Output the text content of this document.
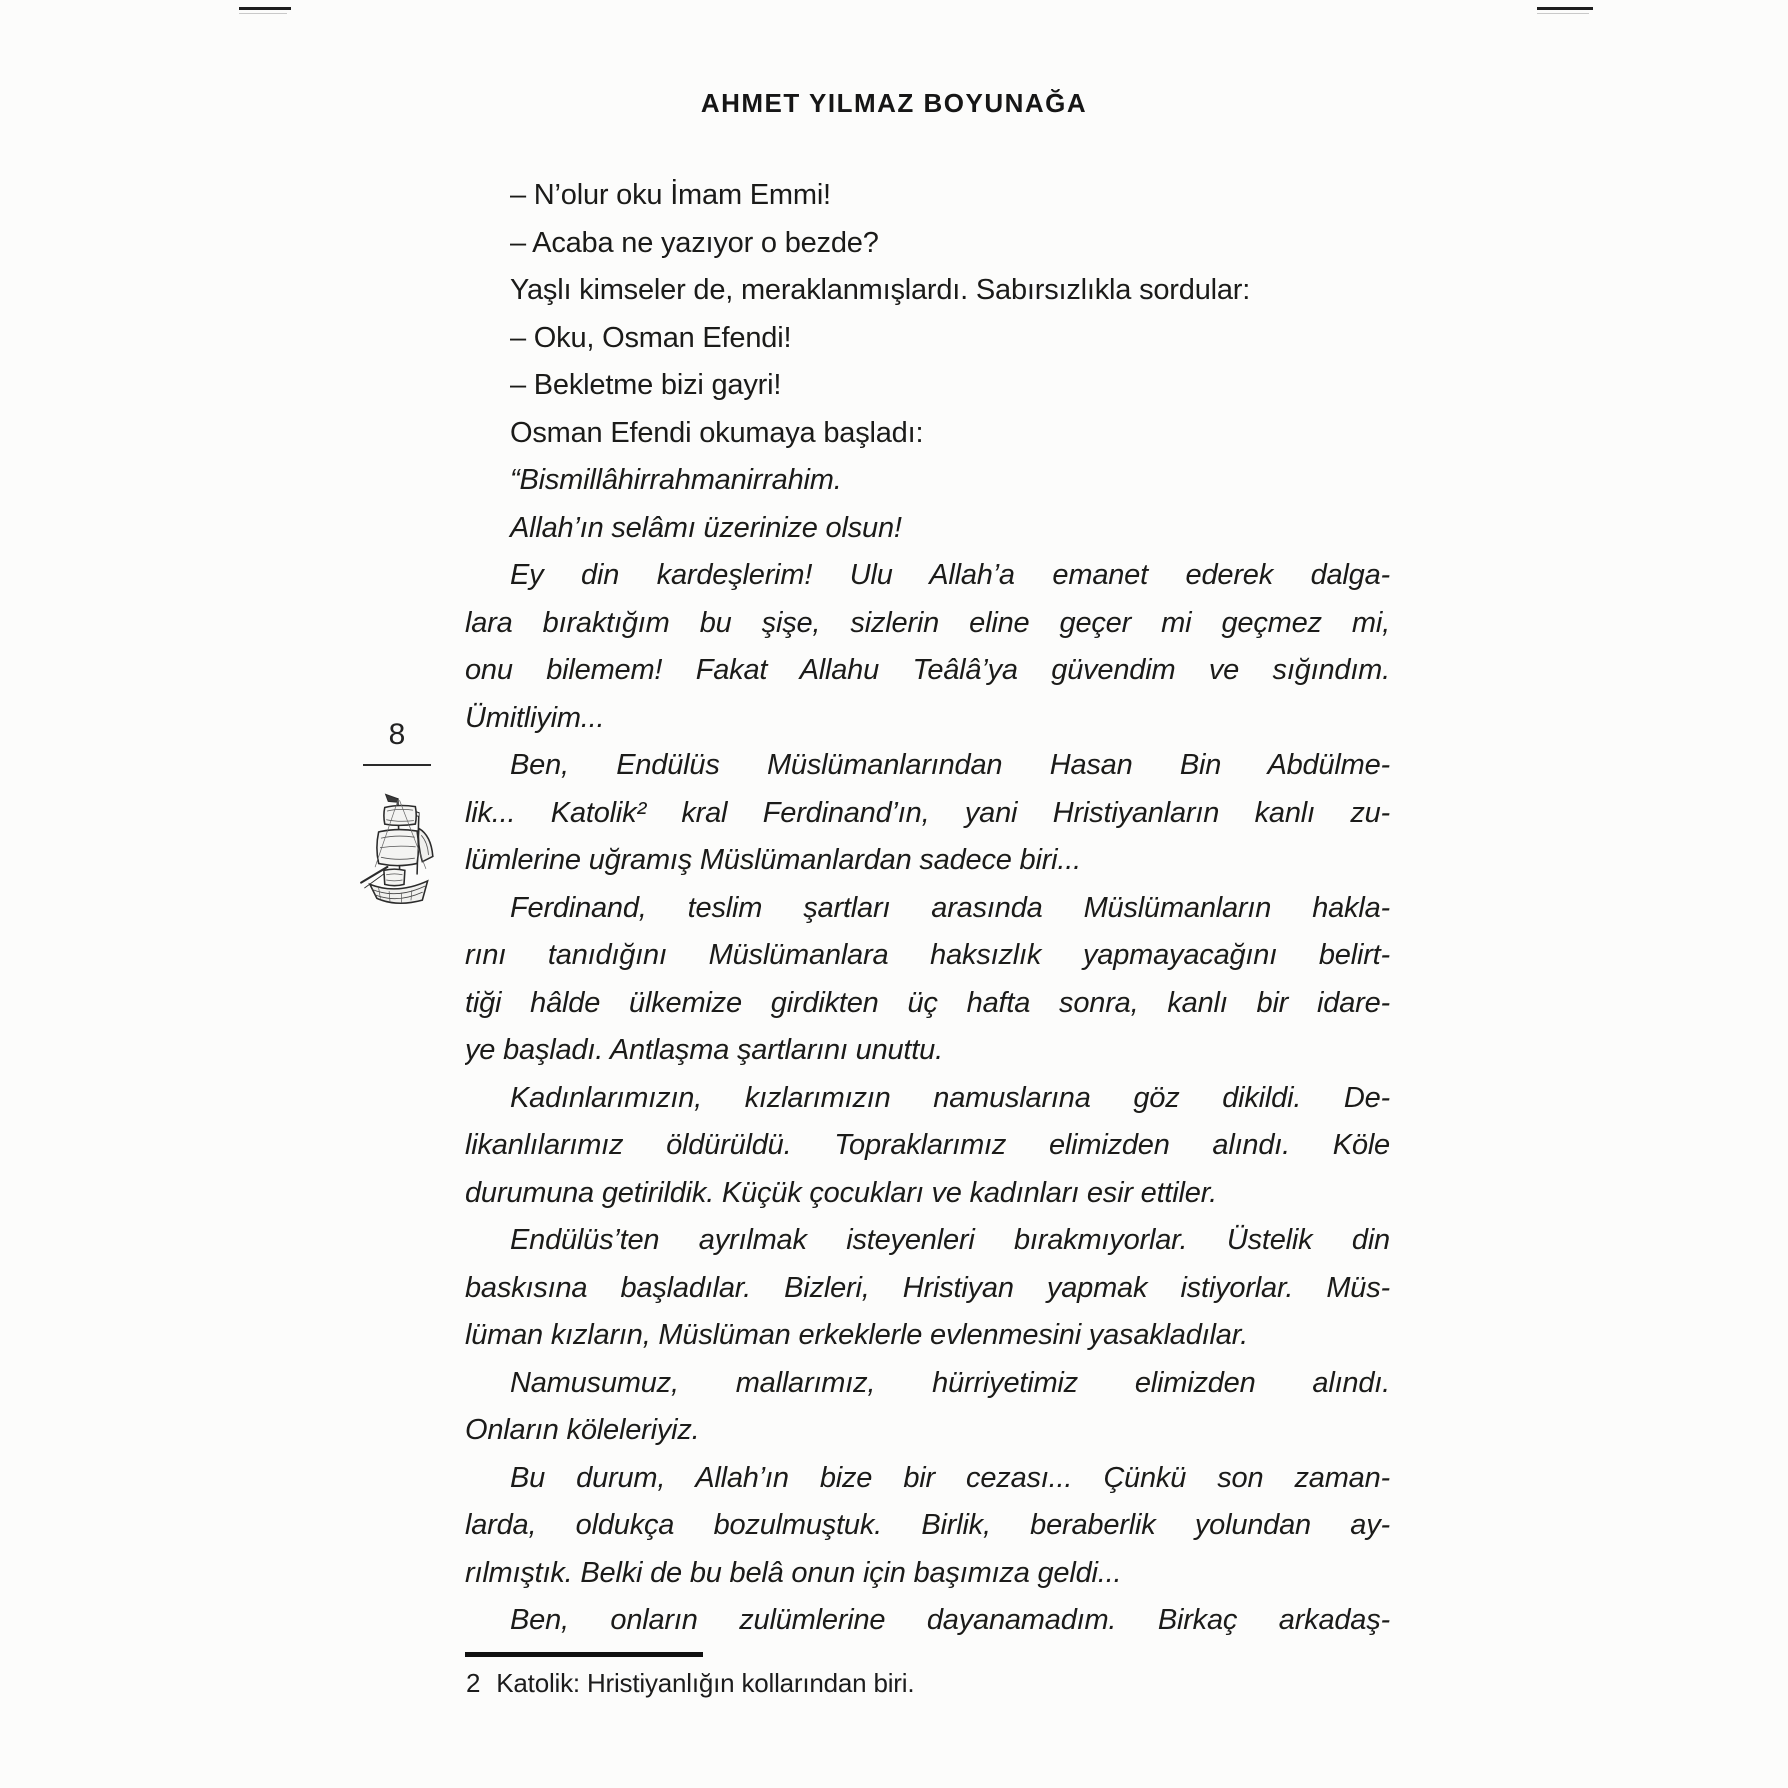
AHMET YILMAZ BOYUNAĞA
8
– N’olur oku İmam Emmi!
– Acaba ne yazıyor o bezde?
Yaşlı kimseler de, meraklanmışlardı. Sabırsızlıkla sordular:
– Oku, Osman Efendi!
– Bekletme bizi gayri!
Osman Efendi okumaya başladı:
“Bismillâhirrahmanirrahim.
Allah’ın selâmı üzerinize olsun!
Ey din kardeşlerim! Ulu Allah’a emanet ederek dalga-
lara bıraktığım bu şişe, sizlerin eline geçer mi geçmez mi,
onu bilemem! Fakat Allahu Teâlâ’ya güvendim ve sığındım.
Ümitliyim...
Ben, Endülüs Müslümanlarından Hasan Bin Abdülme-
lik... Katolik² kral Ferdinand’ın, yani Hristiyanların kanlı zu-
lümlerine uğramış Müslümanlardan sadece biri...
Ferdinand, teslim şartları arasında Müslümanların hakla-
rını tanıdığını Müslümanlara haksızlık yapmayacağını belirt-
tiği hâlde ülkemize girdikten üç hafta sonra, kanlı bir idare-
ye başladı. Antlaşma şartlarını unuttu.
Kadınlarımızın, kızlarımızın namuslarına göz dikildi. De-
likanlılarımız öldürüldü. Topraklarımız elimizden alındı. Köle
durumuna getirildik. Küçük çocukları ve kadınları esir ettiler.
Endülüs’ten ayrılmak isteyenleri bırakmıyorlar. Üstelik din
baskısına başladılar. Bizleri, Hristiyan yapmak istiyorlar. Müs-
lüman kızların, Müslüman erkeklerle evlenmesini yasakladılar.
Namusumuz, mallarımız, hürriyetimiz elimizden alındı.
Onların köleleriyiz.
Bu durum, Allah’ın bize bir cezası... Çünkü son zaman-
larda, oldukça bozulmuştuk. Birlik, beraberlik yolundan ay-
rılmıştık. Belki de bu belâ onun için başımıza geldi...
Ben, onların zulümlerine dayanamadım. Birkaç arkadaş-
2 Katolik: Hristiyanlığın kollarından biri.
